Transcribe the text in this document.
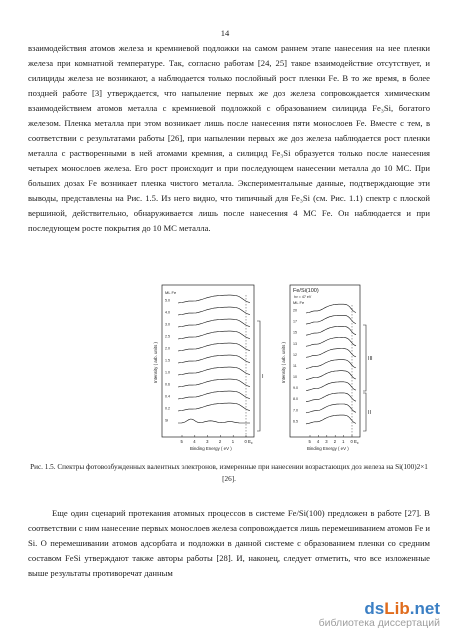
14
взаимодействия атомов железа и кремниевой подложки на самом раннем этапе нанесения на нее пленки железа при комнатной температуре. Так, согласно работам [24, 25] такое взаимодействие отсутствует, и силициды железа не возникают, а наблюдается только послойный рост пленки Fe. В то же время, в более поздней работе [3] утверждается, что напыление первых же доз железа сопровождается химическим взаимодействием атомов металла с кремниевой подложкой с образованием силицида Fe₃Si, богатого железом. Пленка металла при этом возникает лишь после нанесения пяти монослоев Fe. Вместе с тем, в соответствии с результатами работы [26], при напылении первых же доз железа наблюдается рост пленки металла с растворенными в ней атомами кремния, а силицид Fe₃Si образуется только после нанесения четырех монослоев железа. Его рост происходит и при последующем нанесении металла до 10 МС. При больших дозах Fe возникает пленка чистого металла. Экспериментальные данные, подтверждающие эти выводы, представлены на Рис. 1.5. Из него видно, что типичный для Fe₃Si (см. Рис. 1.1) спектр с плоской вершиной, действительно, обнаруживается лишь после нанесения 4 МС Fe. Он наблюдается и при последующем росте покрытия до 10 МС металла.
ML Fe
5.0
4.0
3.0
2.5
2.0
1.5
1.0
0.6
0.4
0.2
Si
5 4 3 2 1 0 $E_F$
Binding Energy ( eV )
Intensity ( arb. units )	I
Fe/Si(100)
hν = 47 eV
ML Fe
20
17
15
13
12
11
10
9.0
8.0
7.0
6.5
5 4 3 2 1 0 $E_F$
Binding Energy ( eV )
Intensity ( arb. units )	III
II
Рис. 1.5. Спектры фотовозбужденных валентных электронов, измеренные при нанесении возрастающих доз железа на Si(100)2×1 [26].
Еще один сценарий протекания атомных процессов в системе Fe/Si(100) предложен в работе [27]. В соответствии с ним нанесение первых монослоев железа сопровождается лишь перемешиванием атомов Fe и Si. О перемешивании атомов адсорбата и подложки в данной системе с образованием пленки со средним составом FeSi утверждают также авторы работы [28]. И, наконец, следует отметить, что все изложенные выше результаты противоречат данным
dsLib.net
библиотека диссертаций
